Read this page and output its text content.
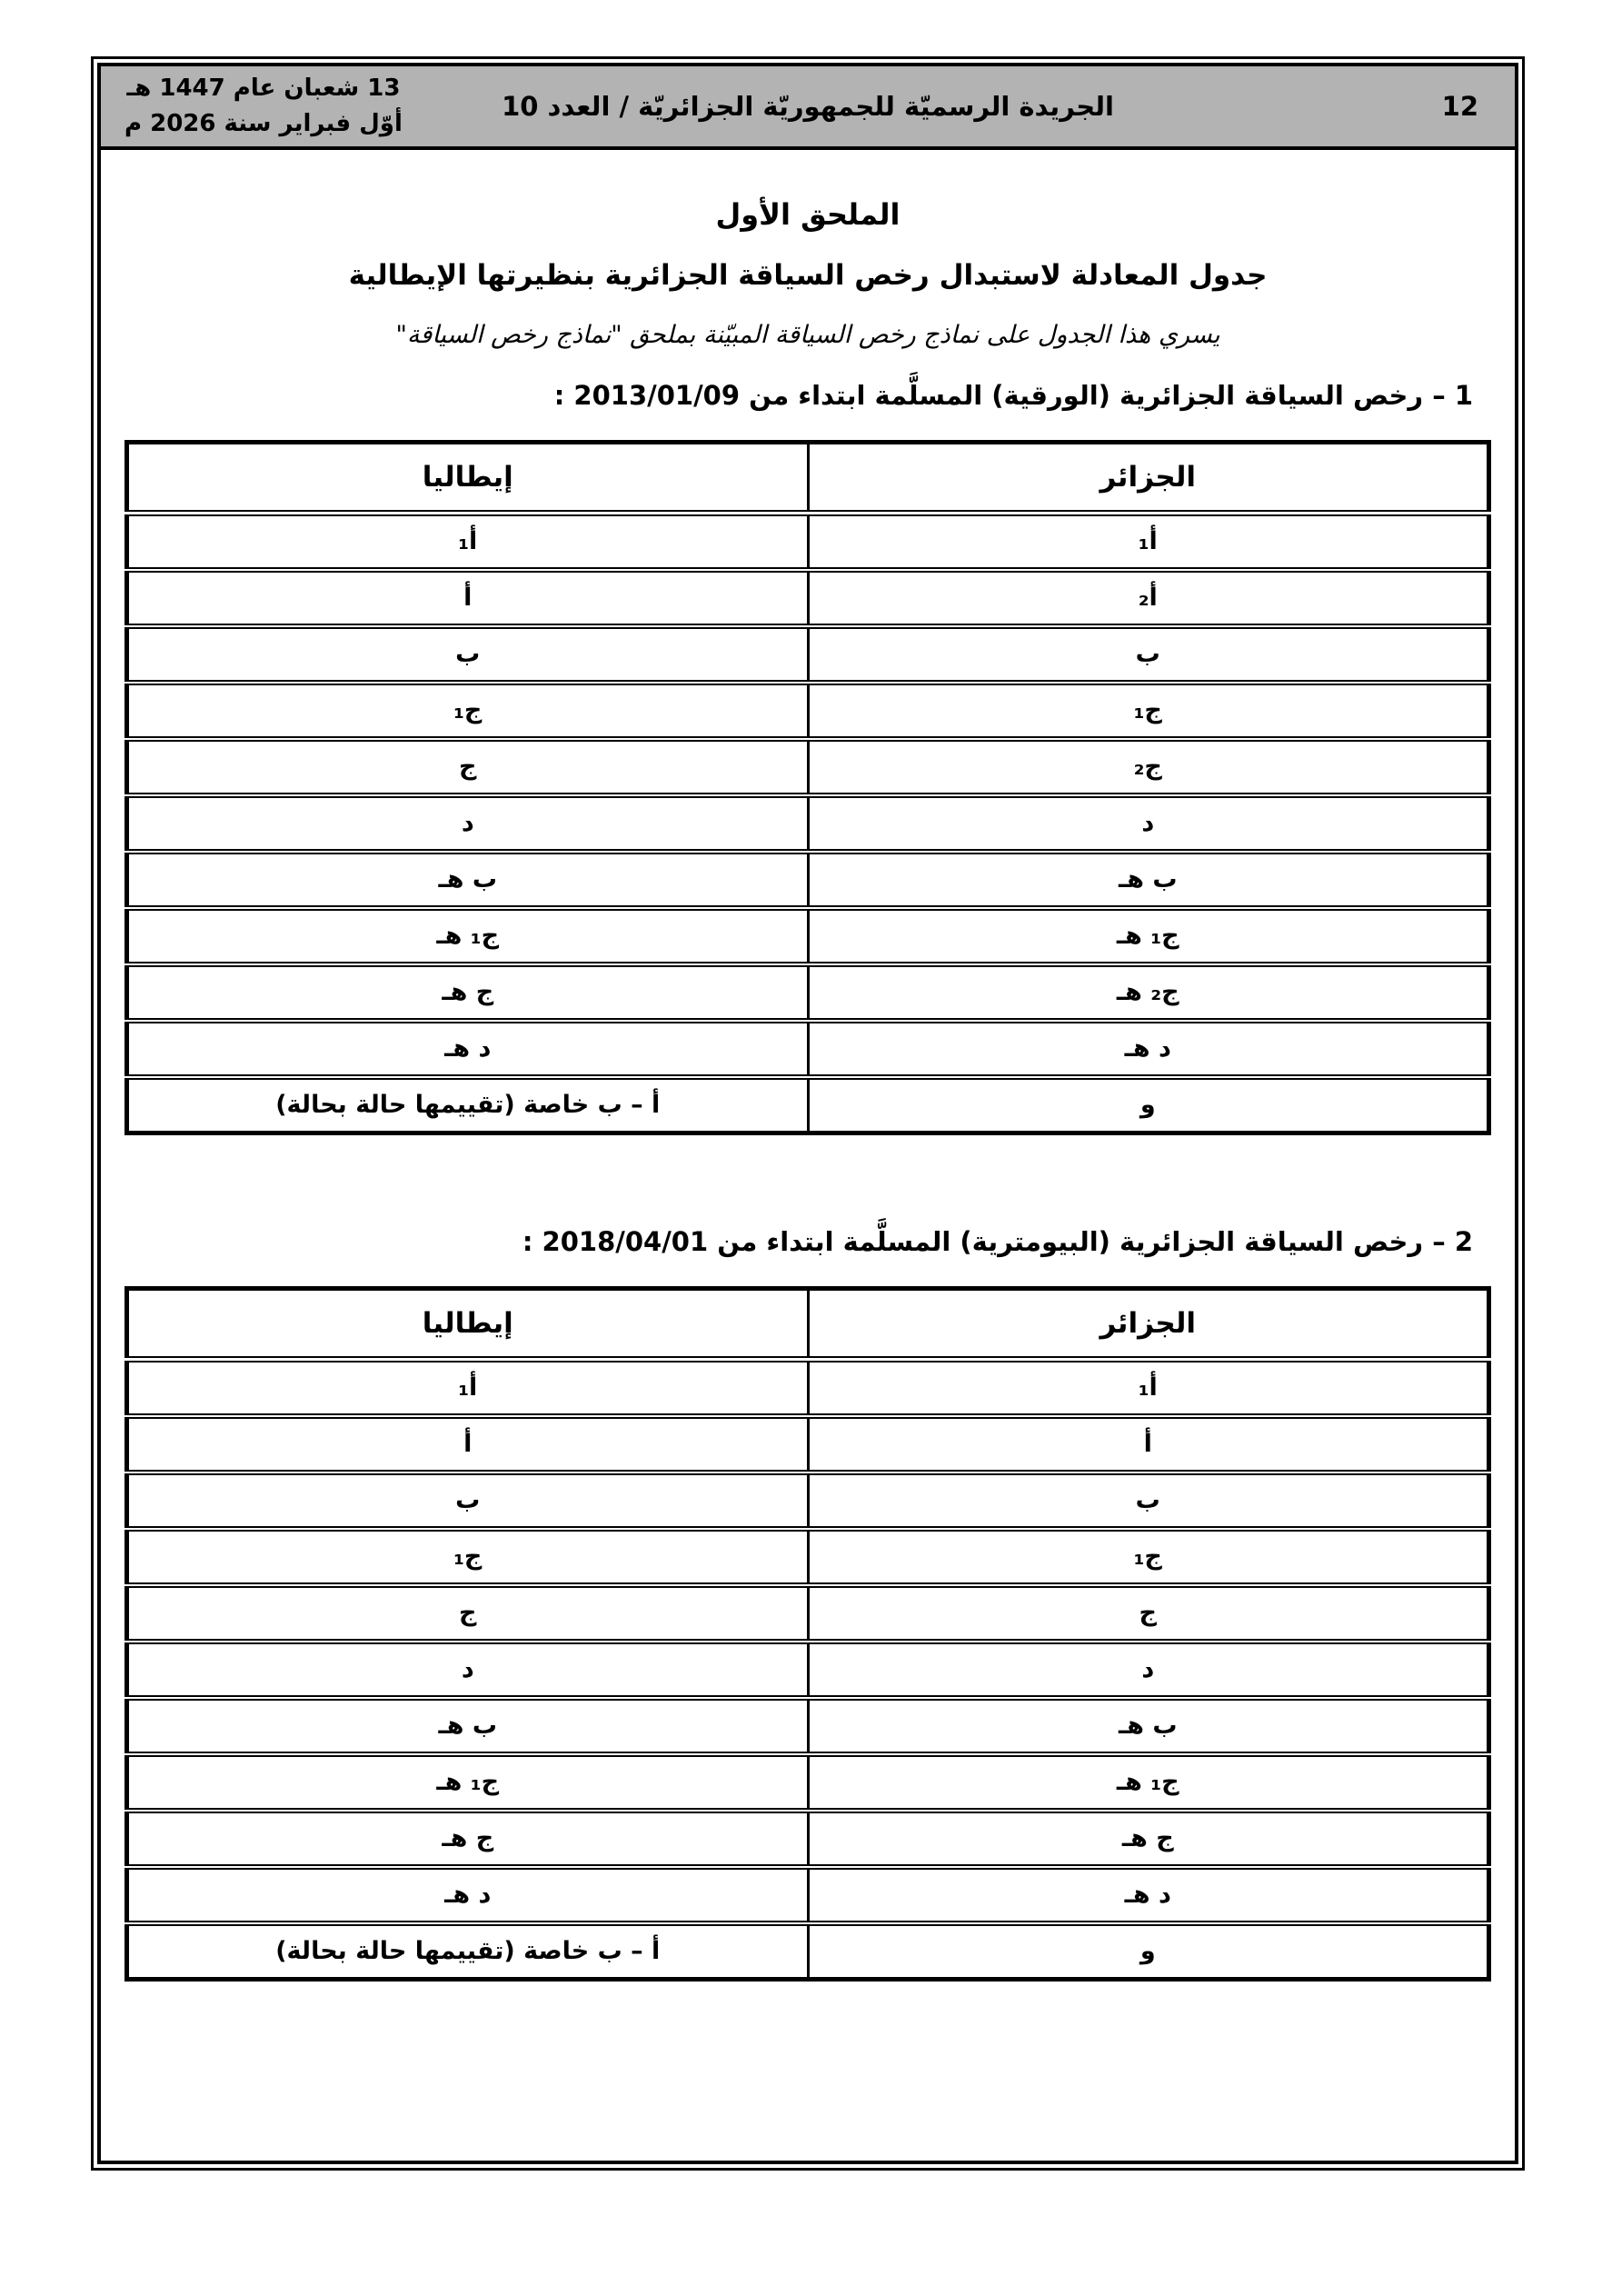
12
الجريدة الرسميّة للجمهوريّة الجزائريّة / العدد 10
13 شعبان عام 1447 هـ
أوّل فبراير سنة 2026 م
الملحق الأول
جدول المعادلة لاستبدال رخص السياقة الجزائرية بنظيرتها الإيطالية
يسري هذا الجدول على نماذج رخص السياقة المبيّنة بملحق "نماذج رخص السياقة"
1 – رخص السياقة الجزائرية (الورقية) المسلَّمة ابتداء من 2013/01/09 :
الجزائر	إيطاليا
أ₁	أ₁
أ₂	أ
ب	ب
ج₁	ج₁
ج₂	ج
د	د
ب هـ	ب هـ
ج₁ هـ	ج₁ هـ
ج₂ هـ	ج هـ
د هـ	د هـ
و	أ – ب خاصة (تقييمها حالة بحالة)
2 – رخص السياقة الجزائرية (البيومترية) المسلَّمة ابتداء من 2018/04/01 :
الجزائر	إيطاليا
أ₁	أ₁
أ	أ
ب	ب
ج₁	ج₁
ج	ج
د	د
ب هـ	ب هـ
ج₁ هـ	ج₁ هـ
ج هـ	ج هـ
د هـ	د هـ
و	أ – ب خاصة (تقييمها حالة بحالة)
